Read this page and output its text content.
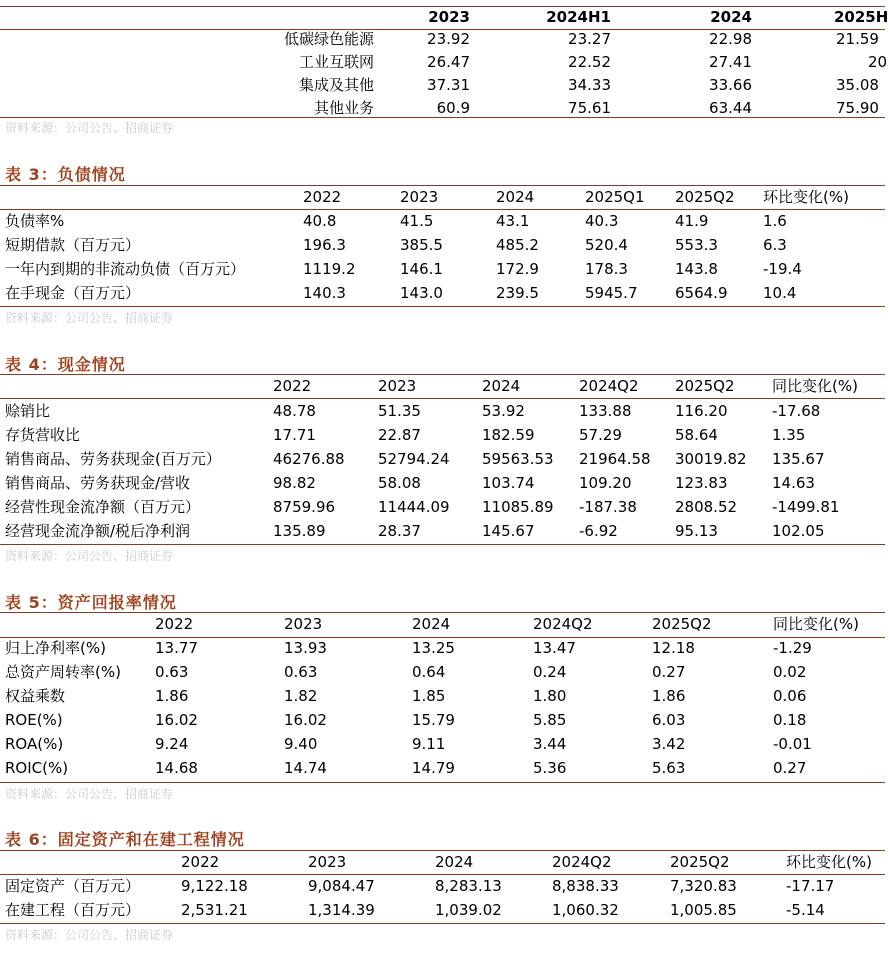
2023	2024H1	2024	2025H
低碳绿色能源	23.92	23.27	22.98	21.59
工业互联网	26.47	22.52	27.41	20
集成及其他	37.31	34.33	33.66	35.08
其他业务	60.9	75.61	63.44	75.90
资料来源：公司公告、招商证券
表 3：负债情况
2022	2023	2024	2025Q1 2025Q2 环比变化(%)
负债率%	40.8	41.5	43.1	40.3	41.9	1.6
短期借款（百万元）	196.3	385.5	485.2	520.4	553.3	6.3
一年内到期的非流动负债（百万元）	1119.2	146.1	172.9	178.3	143.8	-19.4
在手现金（百万元）	140.3	143.0	239.5	5945.7	6564.9 10.4
资料来源：公司公告、招商证券
表 4：现金情况
2022	2023	2024	2024Q2 2025Q2 同比变化(%)
赊销比	48.78	51.35	53.92	133.88	116.20	-17.68
存货营收比	17.71	22.87	182.59	57.29	58.64	1.35
销售商品、劳务获现金(百万元）	46276.88 52794.24 59563.53 21964.58 30019.82 135.67
销售商品、劳务获现金/营收	98.82	58.08	103.74	109.20	123.83	14.63
经营性现金流净额（百万元）	8759.96	11444.09 11085.89 -187.38	2808.52 -1499.81
经营现金流净额/税后净利润	135.89	28.37	145.67	-6.92	95.13	102.05
资料来源：公司公告、招商证券
表 5：资产回报率情况
2022	2023	2024	2024Q2	2025Q2	同比变化(%)
归上净利率(%)	13.77	13.93	13.25	13.47	12.18	-1.29
总资产周转率(%) 0.63	0.63	0.64	0.24	0.27	0.02
权益乘数	1.86	1.82	1.85	1.80	1.86	0.06
ROE(%)	16.02	16.02	15.79	5.85	6.03	0.18
ROA(%)	9.24	9.40	9.11	3.44	3.42	-0.01
ROIC(%)	14.68	14.74	14.79	5.36	5.63	0.27
资料来源：公司公告、招商证券
表 6：固定资产和在建工程情况
2022	2023	2024	2024Q2	2025Q2	环比变化(%)
固定资产（百万元）	9,122.18	9,084.47	8,283.13	8,838.33	7,320.83	-17.17
在建工程（百万元）	2,531.21	1,314.39	1,039.02	1,060.32	1,005.85	-5.14
资料来源：公司公告、招商证券
